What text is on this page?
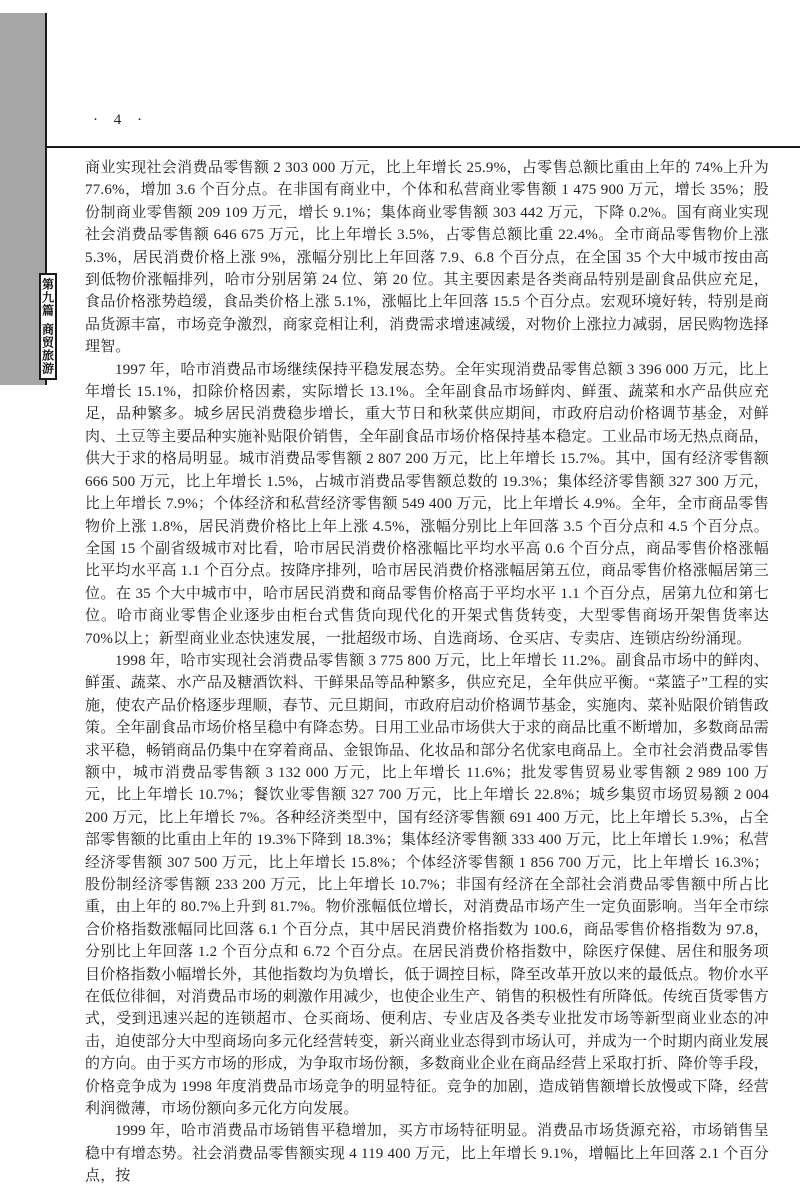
第九篇
商贸旅游
· 4 ·

商业实现社会消费品零售额 2 303 000 万元，比上年增长 25.9%，占零售总额比重由上年的 74%上升为 77.6%，增加 3.6 个百分点。在非国有商业中，个体和私营商业零售额 1 475 900 万元，增长 35%；股份制商业零售额 209 109 万元，增长 9.1%；集体商业零售额 303 442 万元，下降 0.2%。国有商业实现社会消费品零售额 646 675 万元，比上年增长 3.5%，占零售总额比重 22.4%。全市商品零售物价上涨 5.3%，居民消费价格上涨 9%，涨幅分别比上年回落 7.9、6.8 个百分点，在全国 35 个大中城市按由高到低物价涨幅排列，哈市分别居第 24 位、第 20 位。其主要因素是各类商品特别是副食品供应充足，食品价格涨势趋缓，食品类价格上涨 5.1%，涨幅比上年回落 15.5 个百分点。宏观环境好转，特别是商品货源丰富，市场竞争激烈，商家竞相让利，消费需求增速减缓，对物价上涨拉力减弱，居民购物选择理智。

1997 年，哈市消费品市场继续保持平稳发展态势。全年实现消费品零售总额 3 396 000 万元，比上年增长 15.1%，扣除价格因素，实际增长 13.1%。全年副食品市场鲜肉、鲜蛋、蔬菜和水产品供应充足，品种繁多。城乡居民消费稳步增长，重大节日和秋菜供应期间，市政府启动价格调节基金，对鲜肉、土豆等主要品种实施补贴限价销售，全年副食品市场价格保持基本稳定。工业品市场无热点商品，供大于求的格局明显。城市消费品零售额 2 807 200 万元，比上年增长 15.7%。其中，国有经济零售额 666 500 万元，比上年增长 1.5%，占城市消费品零售额总数的 19.3%；集体经济零售额 327 300 万元，比上年增长 7.9%；个体经济和私营经济零售额 549 400 万元，比上年增长 4.9%。全年，全市商品零售物价上涨 1.8%，居民消费价格比上年上涨 4.5%，涨幅分别比上年回落 3.5 个百分点和 4.5 个百分点。全国 15 个副省级城市对比看，哈市居民消费价格涨幅比平均水平高 0.6 个百分点，商品零售价格涨幅比平均水平高 1.1 个百分点。按降序排列，哈市居民消费价格涨幅居第五位，商品零售价格涨幅居第三位。在 35 个大中城市中，哈市居民消费和商品零售价格高于平均水平 1.1 个百分点，居第九位和第七位。哈市商业零售企业逐步由柜台式售货向现代化的开架式售货转变，大型零售商场开架售货率达 70%以上；新型商业业态快速发展，一批超级市场、自选商场、仓买店、专卖店、连锁店纷纷涌现。

1998 年，哈市实现社会消费品零售额 3 775 800 万元，比上年增长 11.2%。副食品市场中的鲜肉、鲜蛋、蔬菜、水产品及糖酒饮料、干鲜果品等品种繁多，供应充足，全年供应平衡。“菜篮子”工程的实施，使农产品价格逐步理顺，春节、元旦期间，市政府启动价格调节基金，实施肉、菜补贴限价销售政策。全年副食品市场价格呈稳中有降态势。日用工业品市场供大于求的商品比重不断增加，多数商品需求平稳，畅销商品仍集中在穿着商品、金银饰品、化妆品和部分名优家电商品上。全市社会消费品零售额中，城市消费品零售额 3 132 000 万元，比上年增长 11.6%；批发零售贸易业零售额 2 989 100 万元，比上年增长 10.7%；餐饮业零售额 327 700 万元，比上年增长 22.8%；城乡集贸市场贸易额 2 004 200 万元，比上年增长 7%。各种经济类型中，国有经济零售额 691 400 万元，比上年增长 5.3%，占全部零售额的比重由上年的 19.3%下降到 18.3%；集体经济零售额 333 400 万元，比上年增长 1.9%；私营经济零售额 307 500 万元，比上年增长 15.8%；个体经济零售额 1 856 700 万元，比上年增长 16.3%；股份制经济零售额 233 200 万元，比上年增长 10.7%；非国有经济在全部社会消费品零售额中所占比重，由上年的 80.7%上升到 81.7%。物价涨幅低位增长，对消费品市场产生一定负面影响。当年全市综合价格指数涨幅同比回落 6.1 个百分点，其中居民消费价格指数为 100.6，商品零售价格指数为 97.8，分别比上年回落 1.2 个百分点和 6.72 个百分点。在居民消费价格指数中，除医疗保健、居住和服务项目价格指数小幅增长外，其他指数均为负增长，低于调控目标，降至改革开放以来的最低点。物价水平在低位徘徊，对消费品市场的刺激作用减少，也使企业生产、销售的积极性有所降低。传统百货零售方式，受到迅速兴起的连锁超市、仓买商场、便利店、专业店及各类专业批发市场等新型商业业态的冲击，迫使部分大中型商场向多元化经营转变，新兴商业业态得到市场认可，并成为一个时期内商业发展的方向。由于买方市场的形成，为争取市场份额，多数商业企业在商品经营上采取打折、降价等手段，价格竞争成为 1998 年度消费品市场竞争的明显特征。竞争的加剧，造成销售额增长放慢或下降，经营利润微薄，市场份额向多元化方向发展。

1999 年，哈市消费品市场销售平稳增加，买方市场特征明显。消费品市场货源充裕，市场销售呈稳中有增态势。社会消费品零售额实现 4 119 400 万元，比上年增长 9.1%，增幅比上年回落 2.1 个百分点，按
